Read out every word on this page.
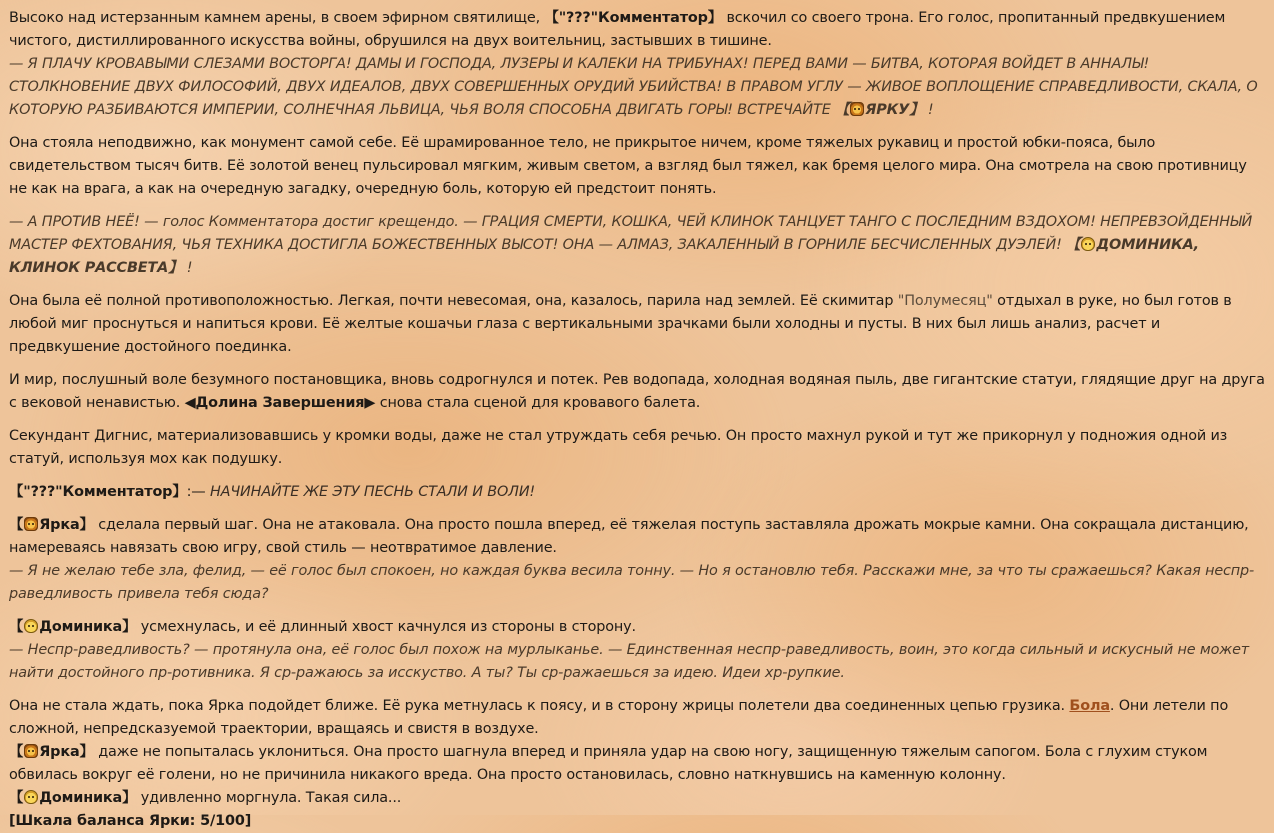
Высоко над истерзанным камнем арены, в своем эфирном святилище, 【"???"Комментатор】 вскочил со своего трона. Его голос, пропитанный предвкушением чистого, дистиллированного искусства войны, обрушился на двух воительниц, застывших в тишине.
— Я ПЛАЧУ КРОВАВЫМИ СЛЕЗАМИ ВОСТОРГА! ДАМЫ И ГОСПОДА, ЛУЗЕРЫ И КАЛЕКИ НА ТРИБУНАХ! ПЕРЕД ВАМИ — БИТВА, КОТОРАЯ ВОЙДЕТ В АННАЛЫ! СТОЛКНОВЕНИЕ ДВУХ ФИЛОСОФИЙ, ДВУХ ИДЕАЛОВ, ДВУХ СОВЕРШЕННЫХ ОРУДИЙ УБИЙСТВА! В ПРАВОМ УГЛУ — ЖИВОЕ ВОПЛОЩЕНИЕ СПРАВЕДЛИВОСТИ, СКАЛА, О КОТОРУЮ РАЗБИВАЮТСЯ ИМПЕРИИ, СОЛНЕЧНАЯ ЛЬВИЦА, ЧЬЯ ВОЛЯ СПОСОБНА ДВИГАТЬ ГОРЫ! ВСТРЕЧАЙТЕ 【 ЯРКУ】 !

Она стояла неподвижно, как монумент самой себе. Её шрамированное тело, не прикрытое ничем, кроме тяжелых рукавиц и простой юбки-пояса, было свидетельством тысяч битв. Её золотой венец пульсировал мягким, живым светом, а взгляд был тяжел, как бремя целого мира. Она смотрела на свою противницу не как на врага, а как на очередную загадку, очередную боль, которую ей предстоит понять.

— А ПРОТИВ НЕЁ! — голос Комментатора достиг крещендо. — ГРАЦИЯ СМЕРТИ, КОШКА, ЧЕЙ КЛИНОК ТАНЦУЕТ ТАНГО С ПОСЛЕДНИМ ВЗДОХОМ! НЕПРЕВЗОЙДЕННЫЙ МАСТЕР ФЕХТОВАНИЯ, ЧЬЯ ТЕХНИКА ДОСТИГЛА БОЖЕСТВЕННЫХ ВЫСОТ! ОНА — АЛМАЗ, ЗАКАЛЕННЫЙ В ГОРНИЛЕ БЕСЧИСЛЕННЫХ ДУЭЛЕЙ! 【 ДОМИНИКА, КЛИНОК РАССВЕТА】 !

Она была её полной противоположностью. Легкая, почти невесомая, она, казалось, парила над землей. Её скимитар "Полумесяц" отдыхал в руке, но был готов в любой миг проснуться и напиться крови. Её желтые кошачьи глаза с вертикальными зрачками были холодны и пусты. В них был лишь анализ, расчет и предвкушение достойного поединка.

И мир, послушный воле безумного постановщика, вновь содрогнулся и потек. Рев водопада, холодная водяная пыль, две гигантские статуи, глядящие друг на друга с вековой ненавистью. ◀Долина Завершения▶ снова стала сценой для кровавого балета.

Секундант Дигнис, материализовавшись у кромки воды, даже не стал утруждать себя речью. Он просто махнул рукой и тут же прикорнул у подножия одной из статуй, используя мох как подушку.

【"???"Комментатор】:— НАЧИНАЙТЕ ЖЕ ЭТУ ПЕСНЬ СТАЛИ И ВОЛИ!

【 Ярка】 сделала первый шаг. Она не атаковала. Она просто пошла вперед, её тяжелая поступь заставляла дрожать мокрые камни. Она сокращала дистанцию, намереваясь навязать свою игру, свой стиль — неотвратимое давление.
— Я не желаю тебе зла, фелид, — её голос был спокоен, но каждая буква весила тонну. — Но я остановлю тебя. Расскажи мне, за что ты сражаешься? Какая неспр-раведливость привела тебя сюда?

【 Доминика】 усмехнулась, и её длинный хвост качнулся из стороны в сторону.
— Неспр-раведливость? — протянула она, её голос был похож на мурлыканье. — Единственная неспр-раведливость, воин, это когда сильный и искусный не может найти достойного пр-ротивника. Я ср-ражаюсь за исскуство. А ты? Ты ср-ражаешься за идею. Идеи хр-рупкие.

Она не стала ждать, пока Ярка подойдет ближе. Её рука метнулась к поясу, и в сторону жрицы полетели два соединенных цепью грузика. Бола. Они летели по сложной, непредсказуемой траектории, вращаясь и свистя в воздухе.

【 Ярка】 даже не попыталась уклониться. Она просто шагнула вперед и приняла удар на свою ногу, защищенную тяжелым сапогом. Бола с глухим стуком обвилась вокруг её голени, но не причинила никакого вреда. Она просто остановилась, словно наткнувшись на каменную колонну.

【 Доминика】 удивленно моргнула. Такая сила...

[Шкала баланса Ярки: 5/100]
